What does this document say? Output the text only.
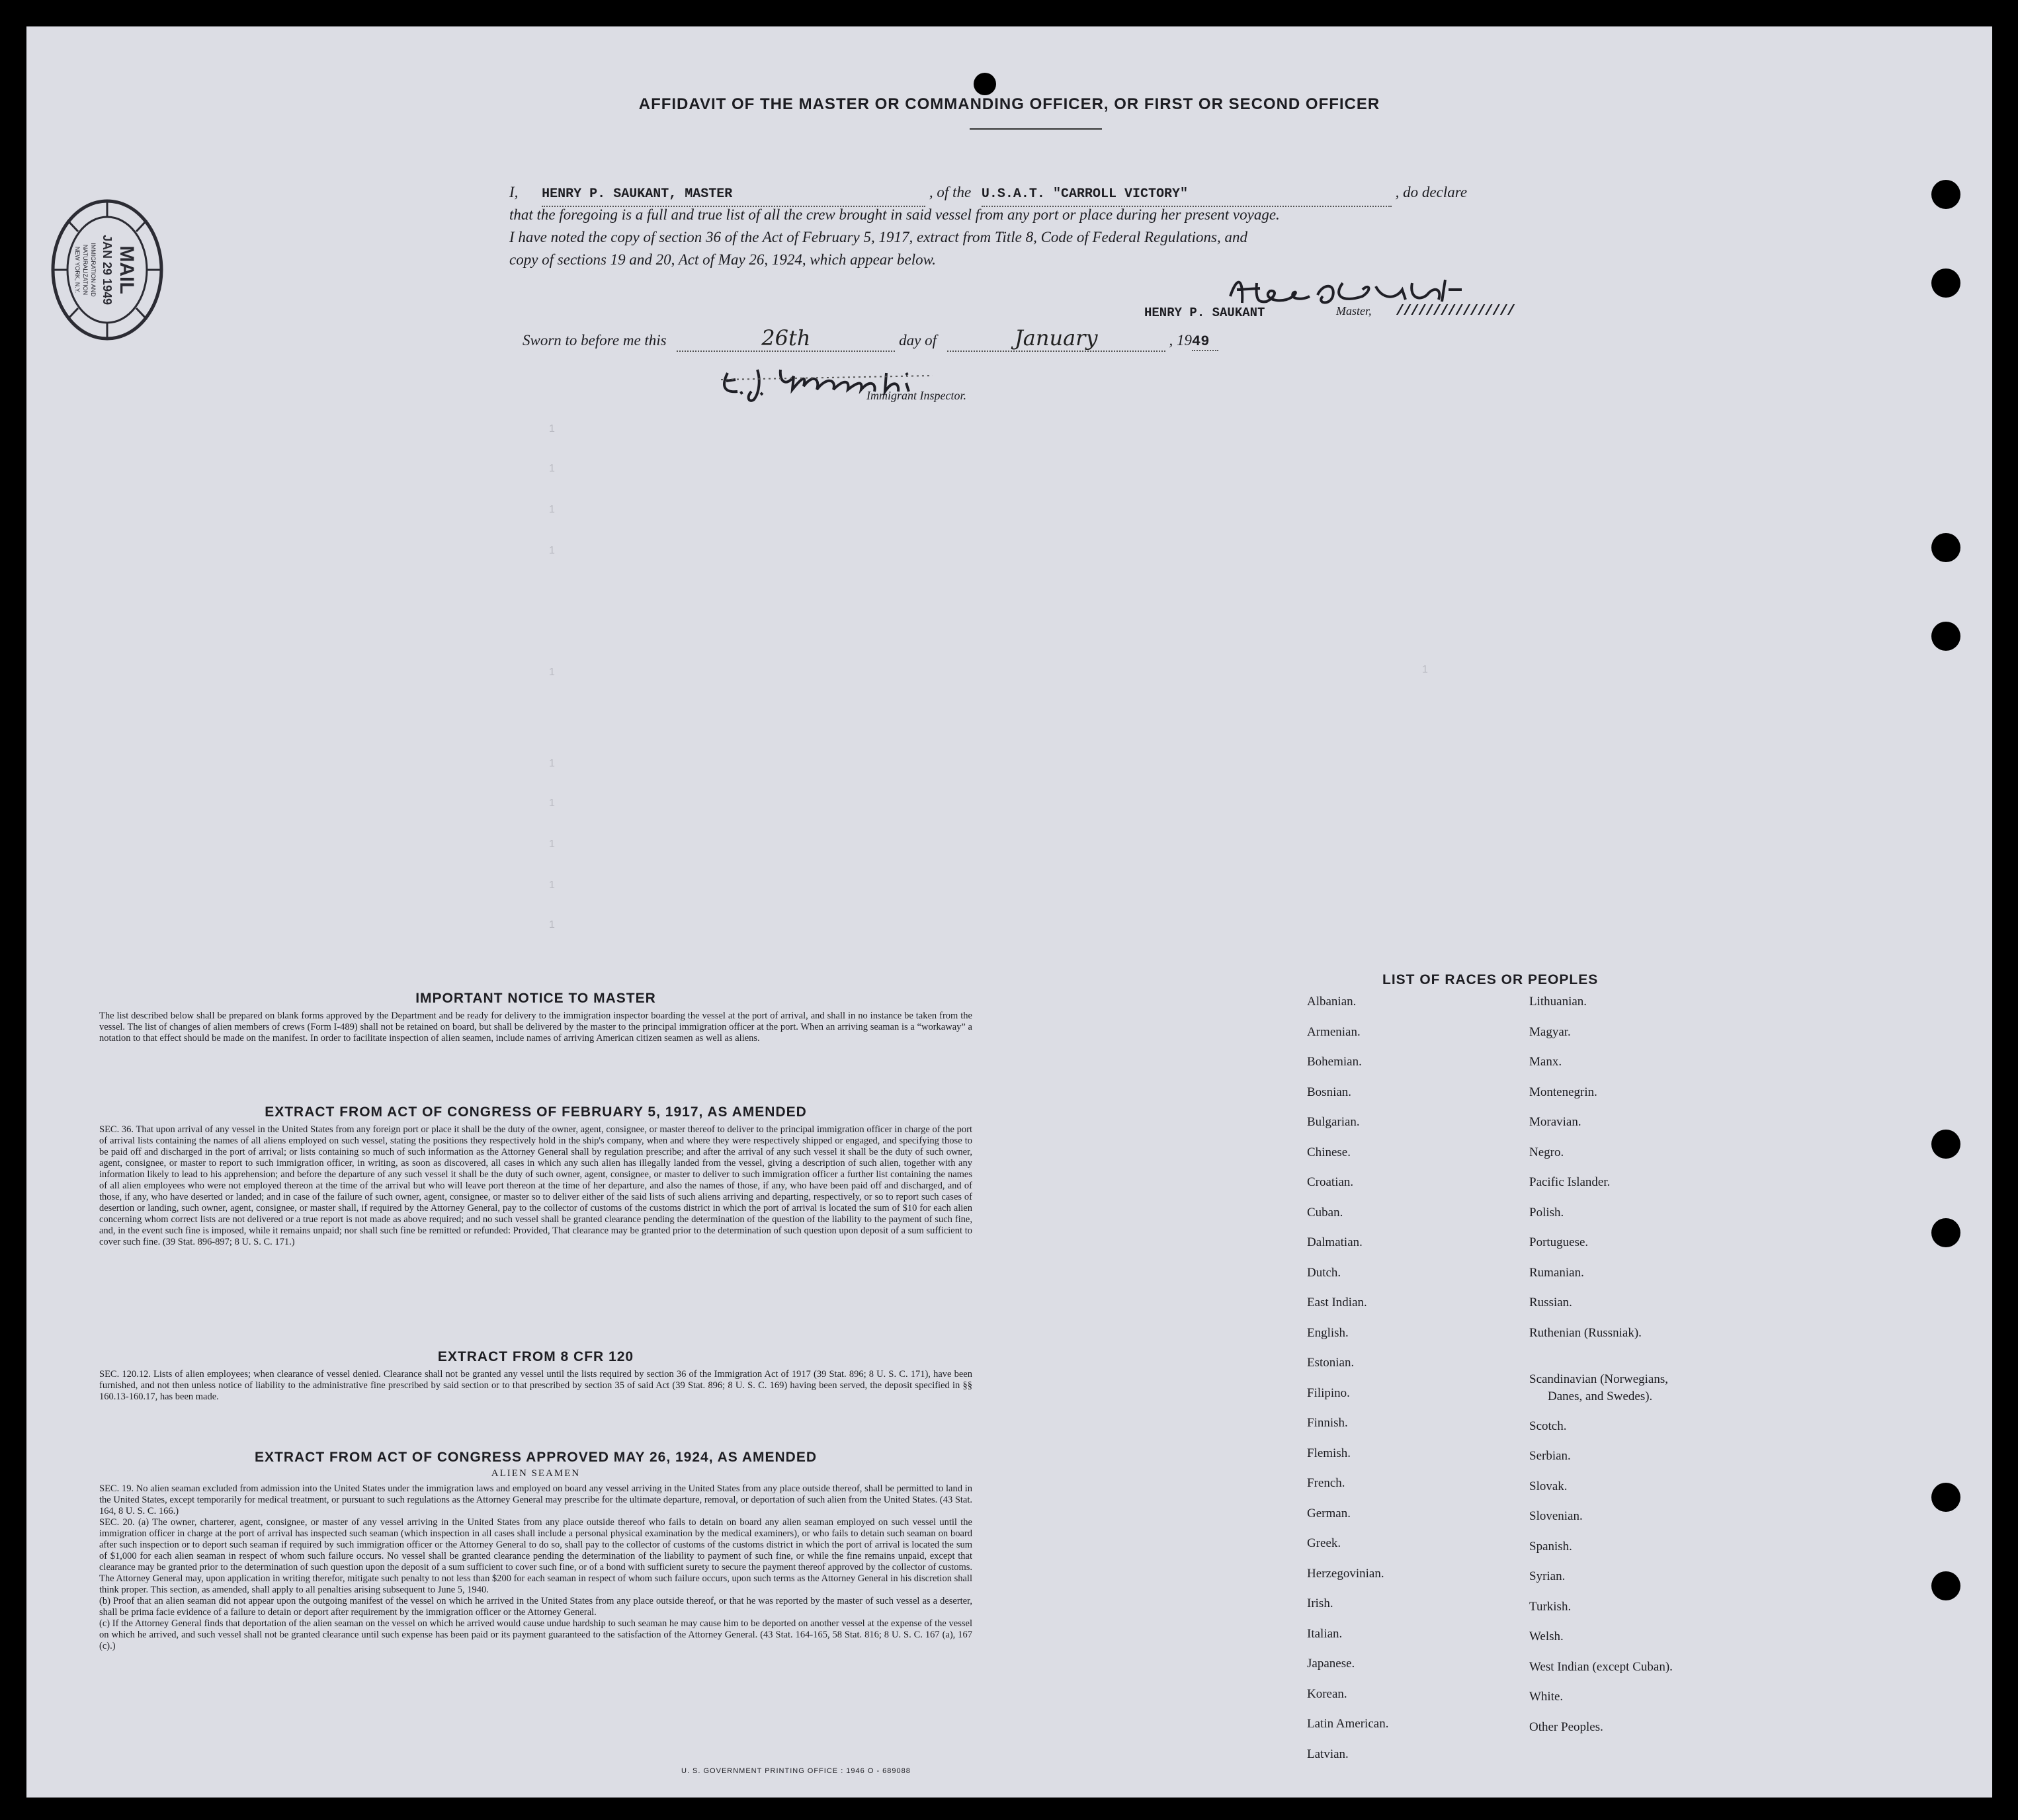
AFFIDAVIT OF THE MASTER OR COMMANDING OFFICER, OR FIRST OR SECOND OFFICER
I, HENRY P. SAUKANT, MASTER	, of the U.S.A.T. "CARROLL VICTORY"	, do declare
that the foregoing is a full and true list of all the crew brought in said vessel from any port or place during her present voyage.
I have noted the copy of section 36 of the Act of February 5, 1917, extract from Title 8, Code of Federal Regulations, and
copy of sections 19 and 20, Act of May 26, 1924, which appear below.
HENRY P. SAUKANT	Master, ////////////////
Sworn to before me this	26th	day of	January	, 1949
Immigrant Inspector.
MAIL
JAN 29 1949
IMMIGRATION AND
NATURALIZATION
NEW YORK, N.Y.
1
1
1
1
1
1
1
1
1
1
1

IMPORTANT NOTICE TO MASTER

The list described below shall be prepared on blank forms approved by the Department and be ready for delivery to the immigration inspector boarding the vessel at the port of arrival, and shall in no instance be taken from the vessel. The list of changes of alien members of crews (Form I-489) shall not be retained on board, but shall be delivered by the master to the principal immigration officer at the port. When an arriving seaman is a “workaway” a notation to that effect should be made on the manifest. In order to facilitate inspection of alien seamen, include names of arriving American citizen seamen as well as aliens.

EXTRACT FROM ACT OF CONGRESS OF FEBRUARY 5, 1917, AS AMENDED

SEC. 36. That upon arrival of any vessel in the United States from any foreign port or place it shall be the duty of the owner, agent, consignee, or master thereof to deliver to the principal immigration officer in charge of the port of arrival lists containing the names of all aliens employed on such vessel, stating the positions they respectively hold in the ship's company, when and where they were respectively shipped or engaged, and specifying those to be paid off and discharged in the port of arrival; or lists containing so much of such information as the Attorney General shall by regulation prescribe; and after the arrival of any such vessel it shall be the duty of such owner, agent, consignee, or master to report to such immigration officer, in writing, as soon as discovered, all cases in which any such alien has illegally landed from the vessel, giving a description of such alien, together with any information likely to lead to his apprehension; and before the departure of any such vessel it shall be the duty of such owner, agent, consignee, or master to deliver to such immigration officer a further list containing the names of all alien employees who were not employed thereon at the time of the arrival but who will leave port thereon at the time of her departure, and also the names of those, if any, who have been paid off and discharged, and of those, if any, who have deserted or landed; and in case of the failure of such owner, agent, consignee, or master so to deliver either of the said lists of such aliens arriving and departing, respectively, or so to report such cases of desertion or landing, such owner, agent, consignee, or master shall, if required by the Attorney General, pay to the collector of customs of the customs district in which the port of arrival is located the sum of $10 for each alien concerning whom correct lists are not delivered or a true report is not made as above required; and no such vessel shall be granted clearance pending the determination of the question of the liability to the payment of such fine, and, in the event such fine is imposed, while it remains unpaid; nor shall such fine be remitted or refunded: Provided, That clearance may be granted prior to the determination of such question upon deposit of a sum sufficient to cover such fine. (39 Stat. 896-897; 8 U. S. C. 171.)

EXTRACT FROM 8 CFR 120

SEC. 120.12. Lists of alien employees; when clearance of vessel denied. Clearance shall not be granted any vessel until the lists required by section 36 of the Immigration Act of 1917 (39 Stat. 896; 8 U. S. C. 171), have been furnished, and not then unless notice of liability to the administrative fine prescribed by said section or to that prescribed by section 35 of said Act (39 Stat. 896; 8 U. S. C. 169) having been served, the deposit specified in §§ 160.13-160.17, has been made.

EXTRACT FROM ACT OF CONGRESS APPROVED MAY 26, 1924, AS AMENDED

ALIEN SEAMEN

SEC. 19. No alien seaman excluded from admission into the United States under the immigration laws and employed on board any vessel arriving in the United States from any place outside thereof, shall be permitted to land in the United States, except temporarily for medical treatment, or pursuant to such regulations as the Attorney General may prescribe for the ultimate departure, removal, or deportation of such alien from the United States. (43 Stat. 164, 8 U. S. C. 166.)

SEC. 20. (a) The owner, charterer, agent, consignee, or master of any vessel arriving in the United States from any place outside thereof who fails to detain on board any alien seaman employed on such vessel until the immigration officer in charge at the port of arrival has inspected such seaman (which inspection in all cases shall include a personal physical examination by the medical examiners), or who fails to detain such seaman on board after such inspection or to deport such seaman if required by such immigration officer or the Attorney General to do so, shall pay to the collector of customs of the customs district in which the port of arrival is located the sum of $1,000 for each alien seaman in respect of whom such failure occurs. No vessel shall be granted clearance pending the determination of the liability to payment of such fine, or while the fine remains unpaid, except that clearance may be granted prior to the determination of such question upon the deposit of a sum sufficient to cover such fine, or of a bond with sufficient surety to secure the payment thereof approved by the collector of customs. The Attorney General may, upon application in writing therefor, mitigate such penalty to not less than $200 for each seaman in respect of whom such failure occurs, upon such terms as the Attorney General in his discretion shall think proper. This section, as amended, shall apply to all penalties arising subsequent to June 5, 1940.

(b) Proof that an alien seaman did not appear upon the outgoing manifest of the vessel on which he arrived in the United States from any place outside thereof, or that he was reported by the master of such vessel as a deserter, shall be prima facie evidence of a failure to detain or deport after requirement by the immigration officer or the Attorney General.

(c) If the Attorney General finds that deportation of the alien seaman on the vessel on which he arrived would cause undue hardship to such seaman he may cause him to be deported on another vessel at the expense of the vessel on which he arrived, and such vessel shall not be granted clearance until such expense has been paid or its payment guaranteed to the satisfaction of the Attorney General. (43 Stat. 164-165, 58 Stat. 816; 8 U. S. C. 167 (a), 167 (c).)

U. S. GOVERNMENT PRINTING OFFICE : 1946 O - 689088
LIST OF RACES OR PEOPLES
Albanian.
Armenian.
Bohemian.
Bosnian.
Bulgarian.
Chinese.
Croatian.
Cuban.
Dalmatian.
Dutch.
East Indian.
English.
Estonian.
Filipino.
Finnish.
Flemish.
French.
German.
Greek.
Herzegovinian.
Irish.
Italian.
Japanese.
Korean.
Latin American.
Latvian.
Lithuanian.
Magyar.
Manx.
Montenegrin.
Moravian.
Negro.
Pacific Islander.
Polish.
Portuguese.
Rumanian.
Russian.
Ruthenian (Russniak).
Scandinavian (Norwegians,
Danes, and Swedes).
Scotch.
Serbian.
Slovak.
Slovenian.
Spanish.
Syrian.
Turkish.
Welsh.
West Indian (except Cuban).
White.
Other Peoples.
